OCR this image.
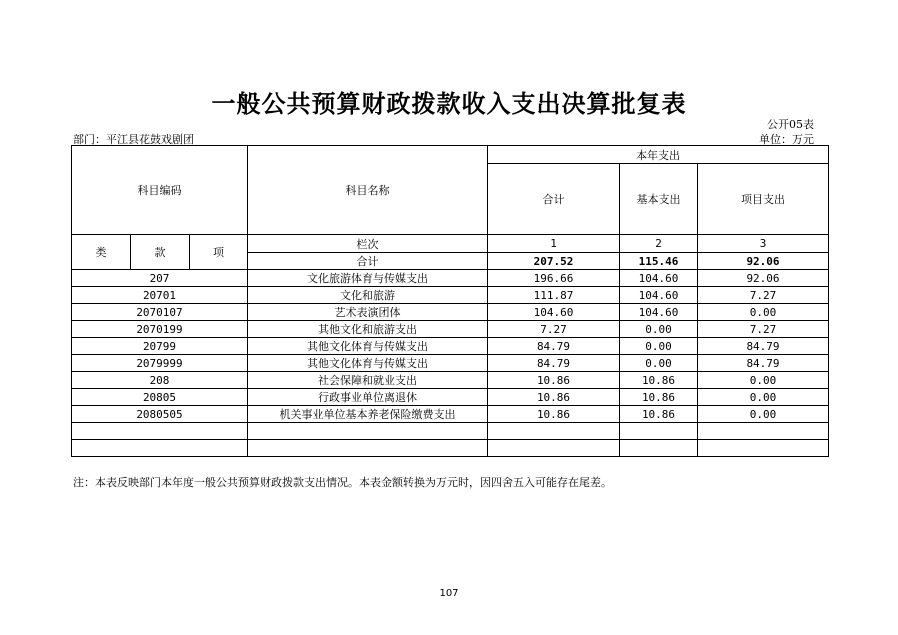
一般公共预算财政拨款收入支出决算批复表
公开05表
部门：平江县花鼓戏剧团	单位：万元
科目编码			科目名称	本年支出		
				合计	基本支出	项目支出
类	款	项	栏次	1	2	3
			合计	207.52	115.46	92.06
207			文化旅游体育与传媒支出	196.66	104.60	92.06
20701			文化和旅游	111.87	104.60	7.27
2070107			艺术表演团体	104.60	104.60	0.00
2070199			其他文化和旅游支出	7.27	0.00	7.27
20799			其他文化体育与传媒支出	84.79	0.00	84.79
2079999			其他文化体育与传媒支出	84.79	0.00	84.79
208			社会保障和就业支出	10.86	10.86	0.00
20805			行政事业单位离退休	10.86	10.86	0.00
2080505			机关事业单位基本养老保险缴费支出	10.86	10.86	0.00

注：本表反映部门本年度一般公共预算财政拨款支出情况。本表金额转换为万元时，因四舍五入可能存在尾差。
107
